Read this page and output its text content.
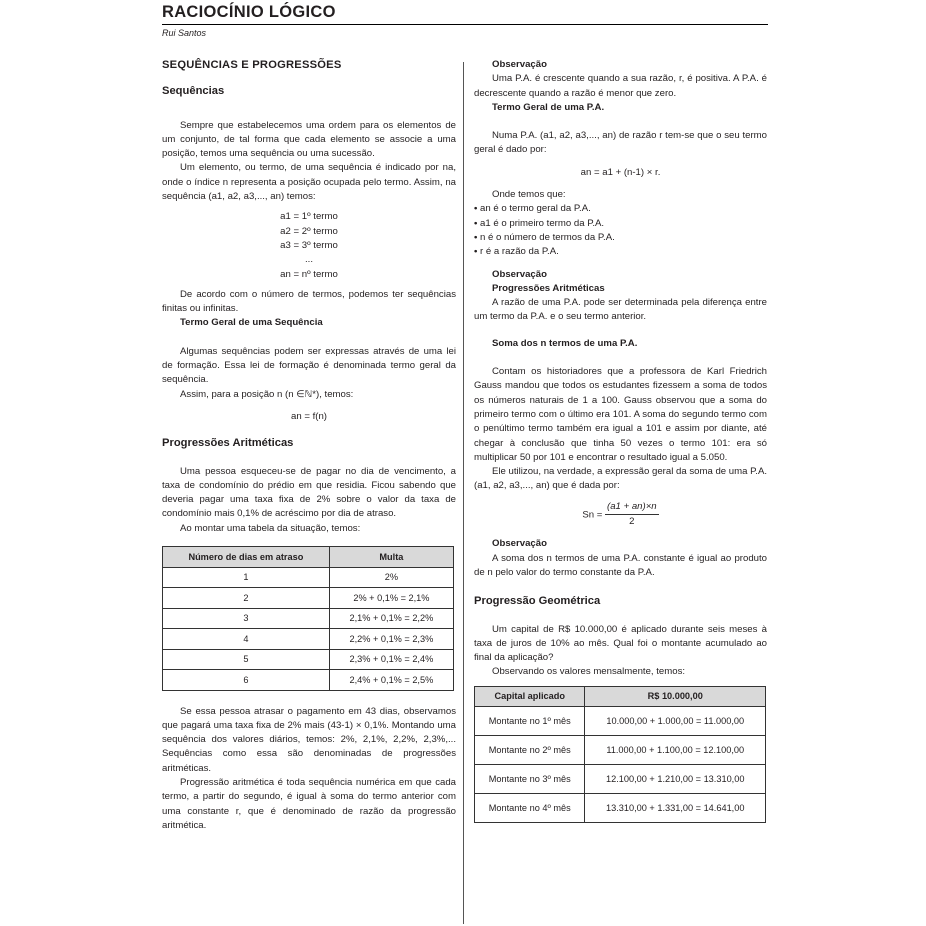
RACIOCÍNIO LÓGICO

Rui Santos

SEQUÊNCIAS E PROGRESSÕES

Sequências

Sempre que estabelecemos uma ordem para os elementos de um conjunto, de tal forma que cada elemento se associe a uma posição, temos uma sequência ou uma sucessão.

Um elemento, ou termo, de uma sequência é indicado por na, onde o índice n representa a posição ocupada pelo termo. Assim, na sequência (a1, a2, a3,..., an) temos:

a1 = 1º termo

a2 = 2º termo

a3 = 3º termo

...

an = nº termo

De acordo com o número de termos, podemos ter sequências finitas ou infinitas.

Termo Geral de uma Sequência

Algumas sequências podem ser expressas através de uma lei de formação. Essa lei de formação é denominada termo geral da sequência.

Assim, para a posição n (n ∈ℕ*), temos:

an = f(n)

Progressões Aritméticas

Uma pessoa esqueceu-se de pagar no dia de vencimento, a taxa de condomínio do prédio em que residia. Ficou sabendo que deveria pagar uma taxa fixa de 2% sobre o valor da taxa de condomínio mais 0,1% de acréscimo por dia de atraso.

Ao montar uma tabela da situação, temos:

Número de dias em atraso	Multa
1	2%
2	2% + 0,1% = 2,1%
3	2,1% + 0,1% = 2,2%
4	2,2% + 0,1% = 2,3%
5	2,3% + 0,1% = 2,4%
6	2,4% + 0,1% = 2,5%

Se essa pessoa atrasar o pagamento em 43 dias, observamos que pagará uma taxa fixa de 2% mais (43-1) × 0,1%. Montando uma sequência dos valores diários, temos: 2%, 2,1%, 2,2%, 2,3%,... Sequências como essa são denominadas de progressões aritméticas.

Progressão aritmética é toda sequência numérica em que cada termo, a partir do segundo, é igual à soma do termo anterior com uma constante r, que é denominado de razão da progressão aritmética.

Observação

Uma P.A. é crescente quando a sua razão, r, é positiva. A P.A. é decrescente quando a razão é menor que zero.

Termo Geral de uma P.A.

Numa P.A. (a1, a2, a3,..., an) de razão r tem-se que o seu termo geral é dado por:

an = a1 + (n-1) × r.

Onde temos que:

• an é o termo geral da P.A.
• a1 é o primeiro termo da P.A.
• n é o número de termos da P.A.
• r é a razão da P.A.

Observação

Progressões Aritméticas

A razão de uma P.A. pode ser determinada pela diferença entre um termo da P.A. e o seu termo anterior.

Soma dos n termos de uma P.A.

Contam os historiadores que a professora de Karl Friedrich Gauss mandou que todos os estudantes fizessem a soma de todos os números naturais de 1 a 100. Gauss observou que a soma do primeiro termo com o último era 101. A soma do segundo termo com o penúltimo termo também era igual a 101 e assim por diante, até chegar à conclusão que tinha 50 vezes o termo 101: era só multiplicar 50 por 101 e encontrar o resultado igual a 5.050.

Ele utilizou, na verdade, a expressão geral da soma de uma P.A. (a1, a2, a3,..., an) que é dada por:

$Sn = \frac{(a1 + an)\times n}{2}$

Observação

A soma dos n termos de uma P.A. constante é igual ao produto de n pelo valor do termo constante da P.A.

Progressão Geométrica

Um capital de R$ 10.000,00 é aplicado durante seis meses à taxa de juros de 10% ao mês. Qual foi o montante acumulado ao final da aplicação?

Observando os valores mensalmente, temos:

Capital aplicado	R$ 10.000,00
Montante no 1º mês	10.000,00 + 1.000,00 = 11.000,00
Montante no 2º mês	11.000,00 + 1.100,00 = 12.100,00
Montante no 3º mês	12.100,00 + 1.210,00 = 13.310,00
Montante no 4º mês	13.310,00 + 1.331,00 = 14.641,00
